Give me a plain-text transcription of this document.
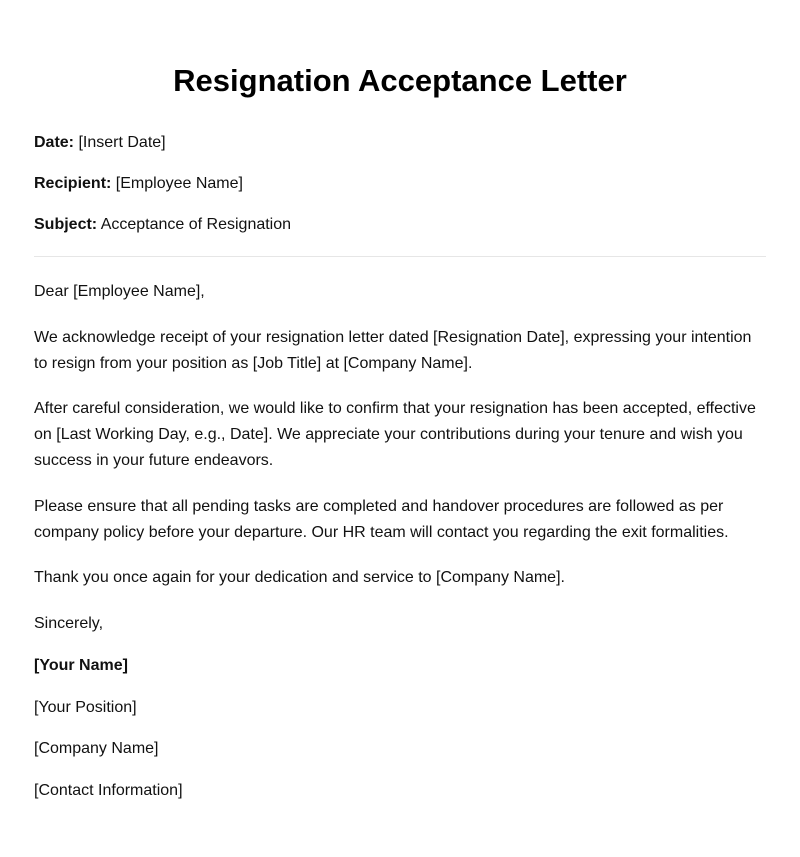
Resignation Acceptance Letter

Date: [Insert Date]

Recipient: [Employee Name]

Subject: Acceptance of Resignation

Dear [Employee Name],

We acknowledge receipt of your resignation letter dated [Resignation Date], expressing your intention to resign from your position as [Job Title] at [Company Name].

After careful consideration, we would like to confirm that your resignation has been accepted, effective on [Last Working Day, e.g., Date]. We appreciate your contributions during your tenure and wish you success in your future endeavors.

Please ensure that all pending tasks are completed and handover procedures are followed as per company policy before your departure. Our HR team will contact you regarding the exit formalities.

Thank you once again for your dedication and service to [Company Name].

Sincerely,

[Your Name]

[Your Position]

[Company Name]

[Contact Information]
